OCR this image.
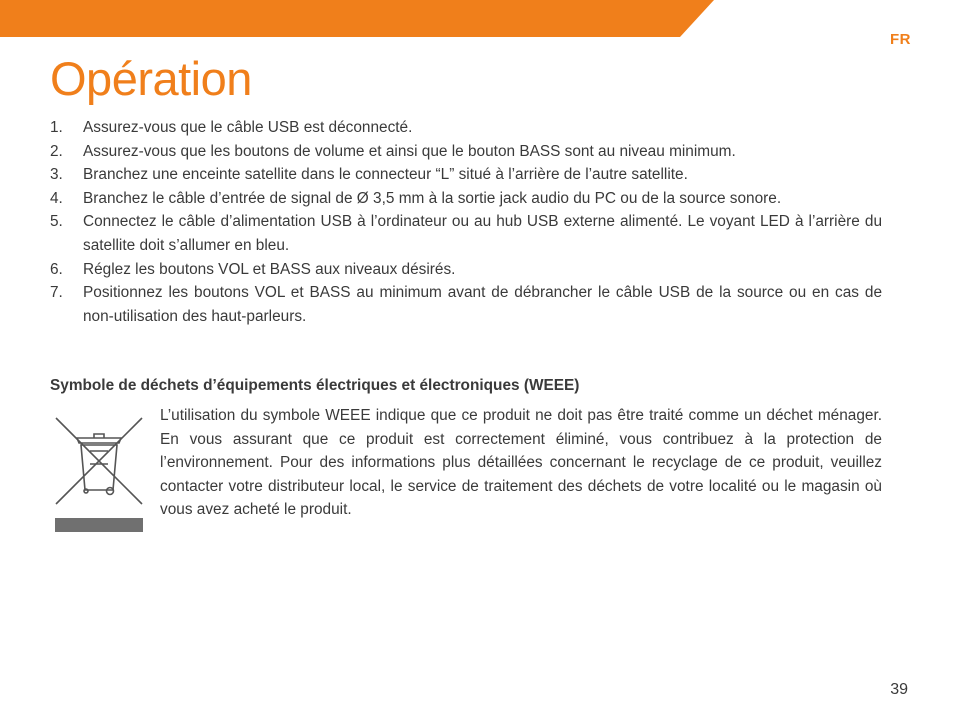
FR
Opération
1. Assurez-vous que le câble USB est déconnecté.
2. Assurez-vous que les boutons de volume et ainsi que le bouton BASS sont au niveau minimum.
3. Branchez une enceinte satellite dans le connecteur “L” situé à l’arrière de l’autre satellite.
4. Branchez le câble d’entrée de signal de Ø 3,5 mm à la sortie jack audio du PC ou de la source sonore.
5. Connectez le câble d’alimentation USB à l’ordinateur ou au hub USB externe alimenté. Le voyant LED à l’arrière du satellite doit s’allumer en bleu.
6. Réglez les boutons VOL et BASS aux niveaux désirés.
7. Positionnez les boutons VOL et BASS au minimum avant de débrancher le câble USB de la source ou en cas de non-utilisation des haut-parleurs.
Symbole de déchets d’équipements électriques et électroniques (WEEE)

L’utilisation du symbole WEEE indique que ce produit ne doit pas être traité comme un déchet ménager. En vous assurant que ce produit est correctement éliminé, vous contribuez à la protection de l’environnement. Pour des informations plus détaillées concernant le recyclage de ce produit, veuillez contacter votre distributeur local, le service de traitement des déchets de votre localité ou le magasin où vous avez acheté le produit.

39
